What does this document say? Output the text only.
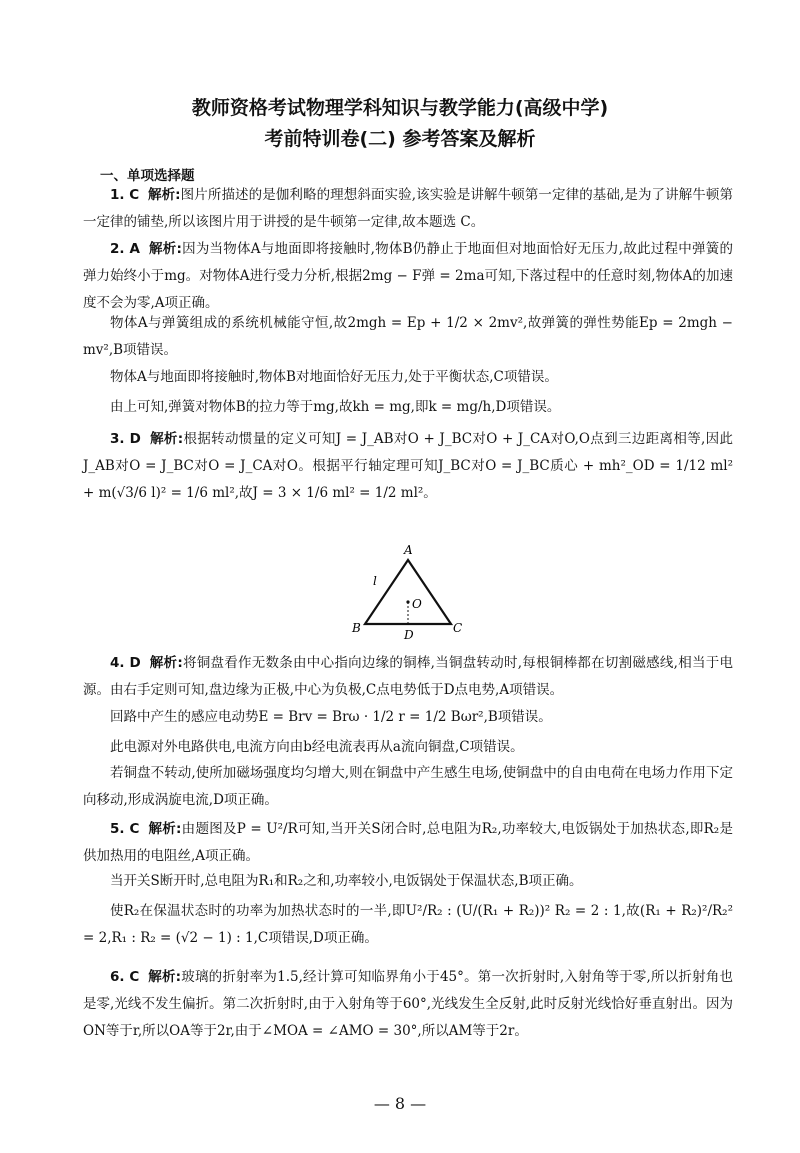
教师资格考试物理学科知识与教学能力(高级中学)
考前特训卷(二) 参考答案及解析
一、单项选择题
1. C 解析:图片所描述的是伽利略的理想斜面实验,该实验是讲解牛顿第一定律的基础,是为了讲解牛顿第一定律的铺垫,所以该图片用于讲授的是牛顿第一定律,故本题选 C。
2. A 解析:因为当物体A与地面即将接触时,物体B仍静止于地面但对地面恰好无压力,故此过程中弹簧的弹力始终小于mg。对物体A进行受力分析,根据2mg − F弹 = 2ma可知,下落过程中的任意时刻,物体A的加速度不会为零,A项正确。
物体A与弹簧组成的系统机械能守恒,故2mgh = Ep + 1/2 × 2mv²,故弹簧的弹性势能Ep = 2mgh − mv²,B项错误。
物体A与地面即将接触时,物体B对地面恰好无压力,处于平衡状态,C项错误。
由上可知,弹簧对物体B的拉力等于mg,故kh = mg,即k = mg/h,D项错误。
3. D 解析:根据转动惯量的定义可知J = J_AB对O + J_BC对O + J_CA对O,O点到三边距离相等,因此J_AB对O = J_BC对O = J_CA对O。根据平行轴定理可知J_BC对O = J_BC质心 + mh²_OD = 1/12 ml² + m(√3/6 l)² = 1/6 ml²,故J = 3 × 1/6 ml² = 1/2 ml²。
A
B	C
D
O
l
4. D 解析:将铜盘看作无数条由中心指向边缘的铜棒,当铜盘转动时,每根铜棒都在切割磁感线,相当于电源。由右手定则可知,盘边缘为正极,中心为负极,C点电势低于D点电势,A项错误。
回路中产生的感应电动势E = Brv = Brω · 1/2 r = 1/2 Bωr²,B项错误。
此电源对外电路供电,电流方向由b经电流表再从a流向铜盘,C项错误。
若铜盘不转动,使所加磁场强度均匀增大,则在铜盘中产生感生电场,使铜盘中的自由电荷在电场力作用下定向移动,形成涡旋电流,D项正确。
5. C 解析:由题图及P = U²/R可知,当开关S闭合时,总电阻为R₂,功率较大,电饭锅处于加热状态,即R₂是供加热用的电阻丝,A项正确。
当开关S断开时,总电阻为R₁和R₂之和,功率较小,电饭锅处于保温状态,B项正确。
使R₂在保温状态时的功率为加热状态时的一半,即U²/R₂ : (U/(R₁ + R₂))² R₂ = 2 : 1,故(R₁ + R₂)²/R₂² = 2,R₁ : R₂ = (√2 − 1) : 1,C项错误,D项正确。
6. C 解析:玻璃的折射率为1.5,经计算可知临界角小于45°。第一次折射时,入射角等于零,所以折射角也是零,光线不发生偏折。第二次折射时,由于入射角等于60°,光线发生全反射,此时反射光线恰好垂直射出。因为ON等于r,所以OA等于2r,由于∠MOA = ∠AMO = 30°,所以AM等于2r。
— 8 —
